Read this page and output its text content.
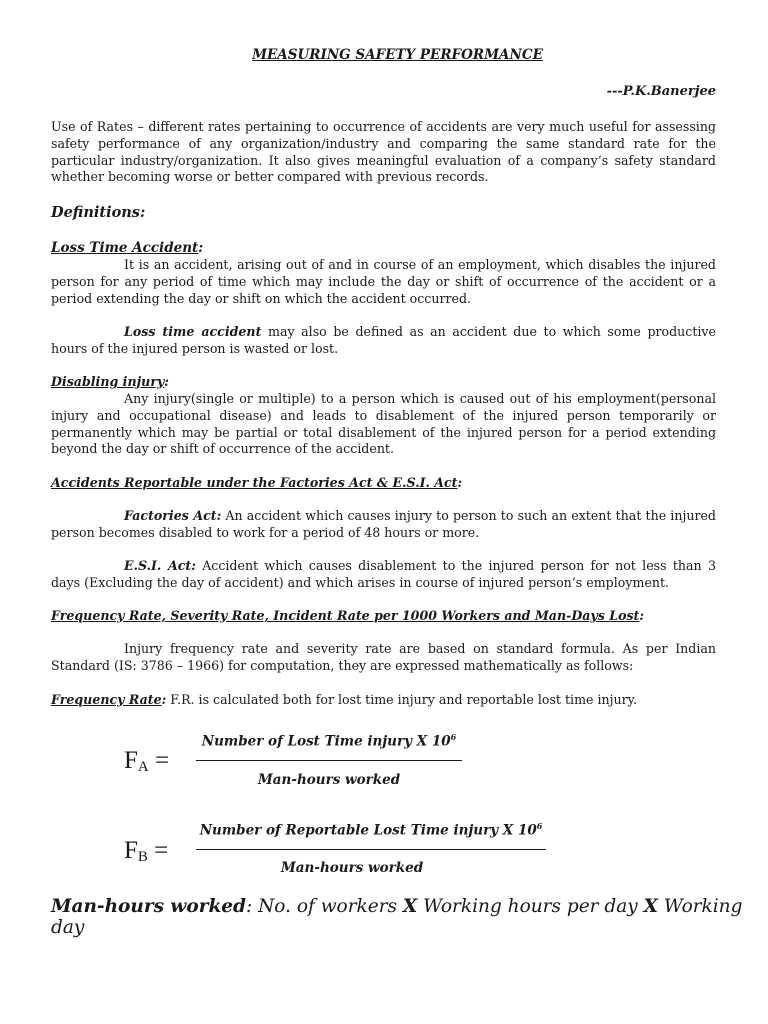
MEASURING SAFETY PERFORMANCE
---P.K.Banerjee

Use of Rates – different rates pertaining to occurrence of accidents are very much useful for assessing safety performance of any organization/industry and comparing the same standard rate for the particular industry/organization. It also gives meaningful evaluation of a company’s safety standard whether becoming worse or better compared with previous records.

Definitions:
Loss Time Accident:

It is an accident, arising out of and in course of an employment, which disables the injured person for any period of time which may include the day or shift of occurrence of the accident or a period extending the day or shift on which the accident occurred.

Loss time accident may also be defined as an accident due to which some productive hours of the injured person is wasted or lost.

Disabling injury:

Any injury(single or multiple) to a person which is caused out of his employment(personal injury and occupational disease) and leads to disablement of the injured person temporarily or permanently which may be partial or total disablement of the injured person for a period extending beyond the day or shift of occurrence of the accident.

Accidents Reportable under the Factories Act & E.S.I. Act:

Factories Act: An accident which causes injury to person to such an extent that the injured person becomes disabled to work for a period of 48 hours or more.

E.S.I. Act: Accident which causes disablement to the injured person for not less than 3 days (Excluding the day of accident) and which arises in course of injured person’s employment.

Frequency Rate, Severity Rate, Incident Rate per 1000 Workers and Man-Days Lost:

Injury frequency rate and severity rate are based on standard formula. As per Indian Standard (IS: 3786 – 1966) for computation, they are expressed mathematically as follows:

Frequency Rate: F.R. is calculated both for lost time injury and reportable lost time injury.
$F_A$ =
Number of Lost Time injury X $10^6$
Man-hours worked
$F_B$ =
Number of Reportable Lost Time injury X $10^6$
Man-hours worked
Man-hours worked: No. of workers X Working hours per day X Working day
